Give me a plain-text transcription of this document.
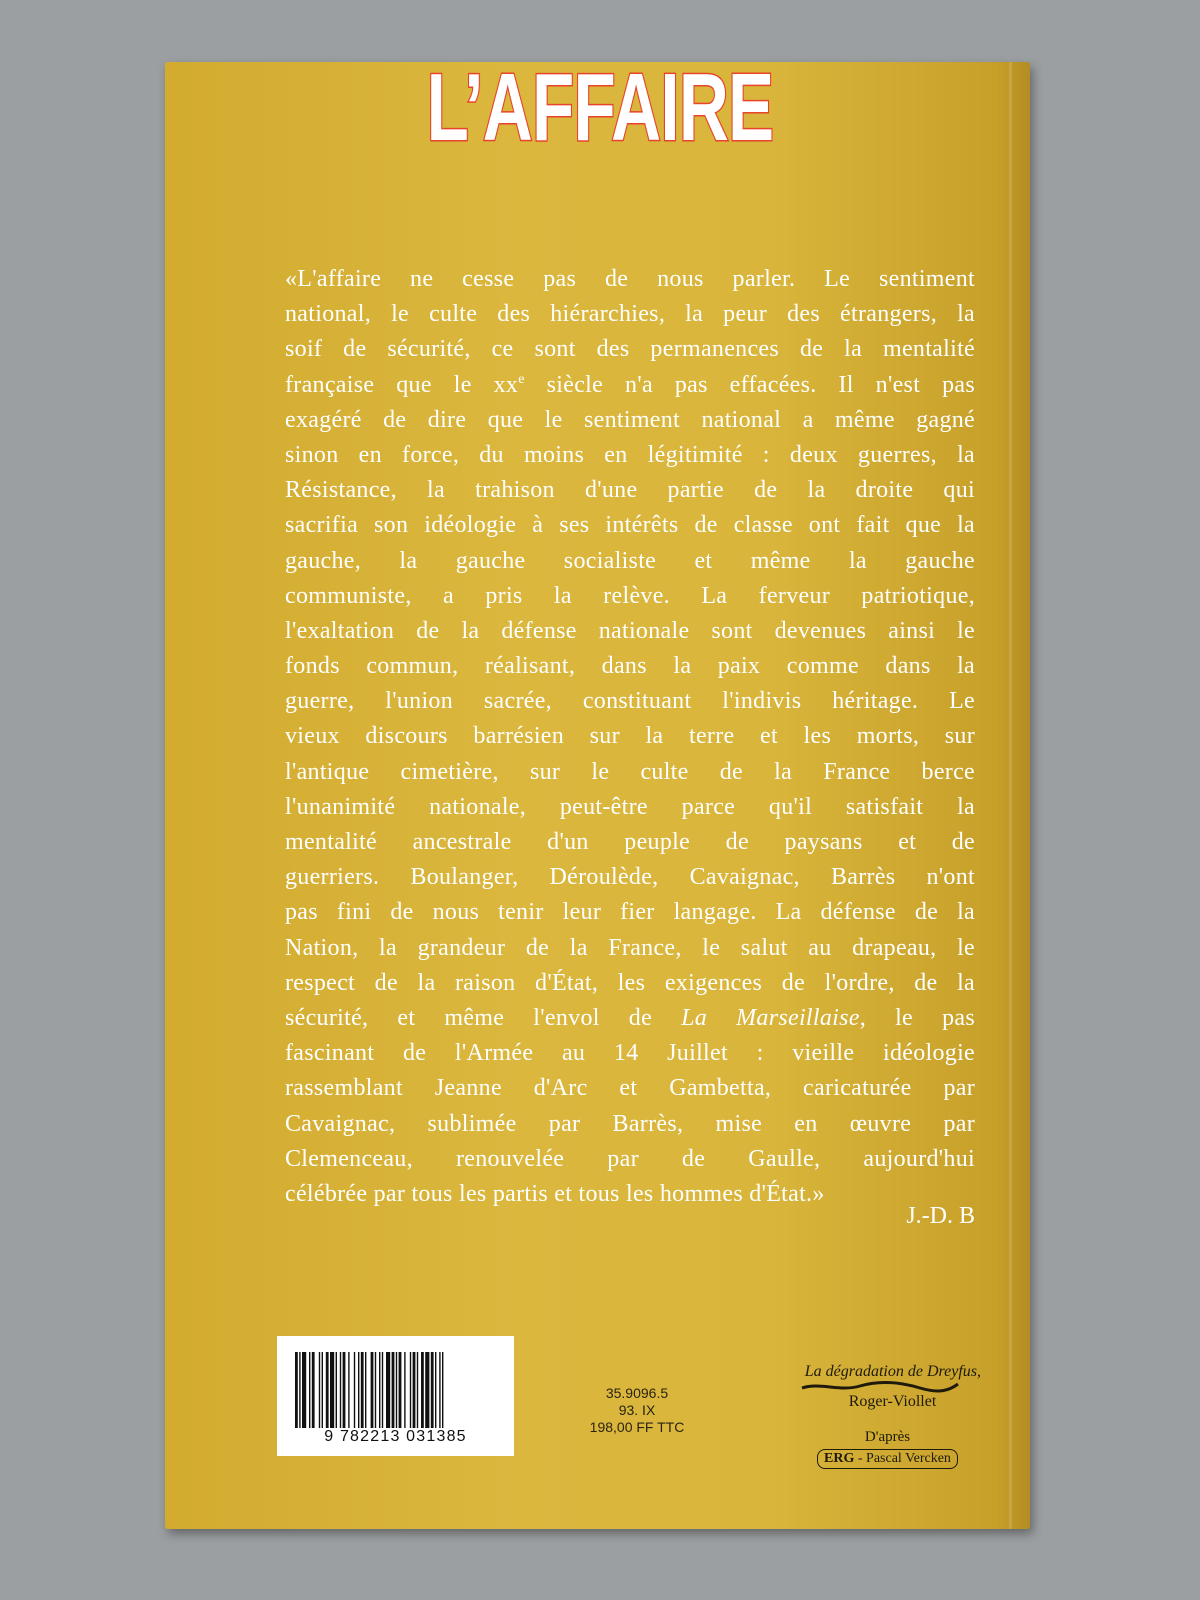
L’AFFAIRE
«L'affaire ne cesse pas de nous parler. Le sentiment
national, le culte des hiérarchies, la peur des étrangers, la
soif de sécurité, ce sont des permanences de la mentalité
française que le $xx^e$ siècle n'a pas effacées. Il n'est pas
exagéré de dire que le sentiment national a même gagné
sinon en force, du moins en légitimité : deux guerres, la
Résistance, la trahison d'une partie de la droite qui
sacrifia son idéologie à ses intérêts de classe ont fait que la
gauche, la gauche socialiste et même la gauche
communiste, a pris la relève. La ferveur patriotique,
l'exaltation de la défense nationale sont devenues ainsi le
fonds commun, réalisant, dans la paix comme dans la
guerre, l'union sacrée, constituant l'indivis héritage. Le
vieux discours barrésien sur la terre et les morts, sur
l'antique cimetière, sur le culte de la France berce
l'unanimité nationale, peut-être parce qu'il satisfait la
mentalité ancestrale d'un peuple de paysans et de
guerriers. Boulanger, Déroulède, Cavaignac, Barrès n'ont
pas fini de nous tenir leur fier langage. La défense de la
Nation, la grandeur de la France, le salut au drapeau, le
respect de la raison d'État, les exigences de l'ordre, de la
sécurité, et même l'envol de La Marseillaise, le pas
fascinant de l'Armée au 14 Juillet : vieille idéologie
rassemblant Jeanne d'Arc et Gambetta, caricaturée par
Cavaignac, sublimée par Barrès, mise en œuvre par
Clemenceau, renouvelée par de Gaulle, aujourd'hui
célébrée par tous les partis et tous les hommes d'État.»
J.-D. B
9 782213 031385
35.9096.5
93. IX
198,00 FF TTC
La dégradation de Dreyfus,
Roger-Viollet
D'après
ERG - Pascal Vercken
